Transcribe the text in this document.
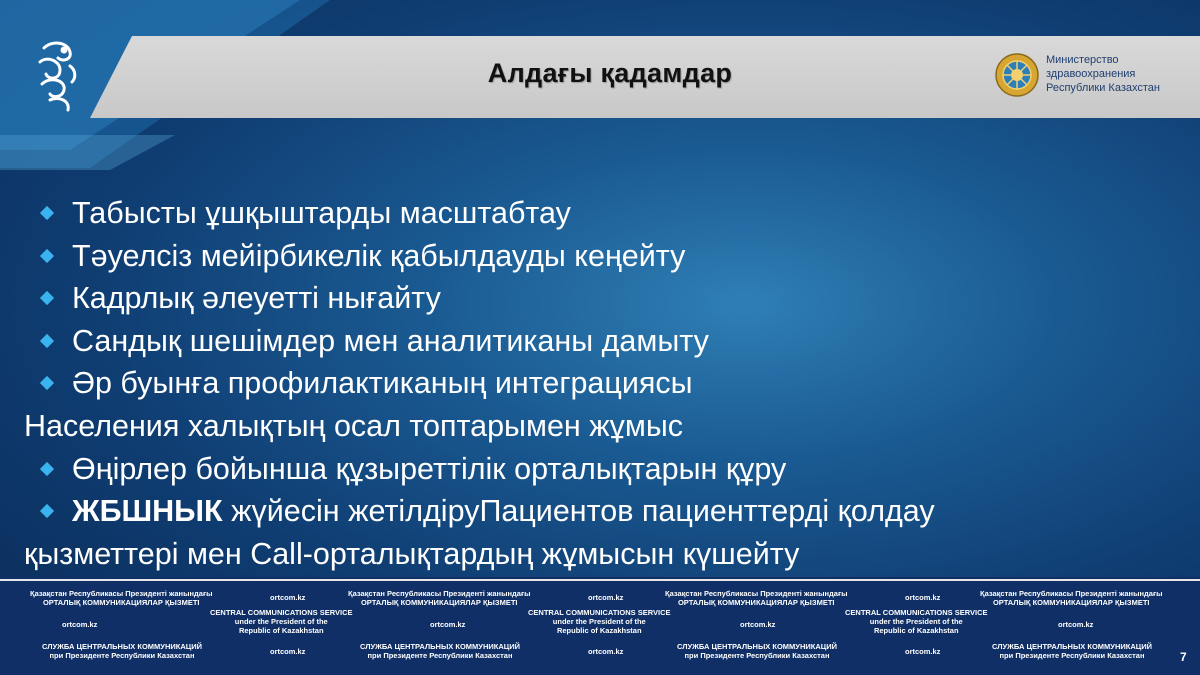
Алдағы қадамдар	Министерство
здравоохранения
Республики Казахстан
Табысты ұшқыштарды масштабтау
Тәуелсіз мейірбикелік қабылдауды кеңейту
Кадрлық әлеуетті нығайту
Сандық шешімдер мен аналитиканы дамыту
Әр буынға профилактиканың интеграциясы
Населения халықтың осал топтарымен жұмыс
Өңірлер бойынша құзыреттілік орталықтарын құру
ЖБШНЫК жүйесін жетілдіруПациентов пациенттерді қолдау
қызметтері мен Call-орталықтардың жұмысын күшейту
Қазақстан Республикасы Президенті жанындағы
ОРТАЛЫҚ КОММУНИКАЦИЯЛАР ҚЫЗМЕТІ
Қазақстан Республикасы Президенті жанындағы
ОРТАЛЫҚ КОММУНИКАЦИЯЛАР ҚЫЗМЕТІ
Қазақстан Республикасы Президенті жанындағы
ОРТАЛЫҚ КОММУНИКАЦИЯЛАР ҚЫЗМЕТІ
Қазақстан Республикасы Президенті жанындағы
ОРТАЛЫҚ КОММУНИКАЦИЯЛАР ҚЫЗМЕТІ
ortcom.kz	ortcom.kz	ortcom.kz
CENTRAL COMMUNICATIONS SERVICE
under the President of the
Republic of Kazakhstan
CENTRAL COMMUNICATIONS SERVICE
under the President of the
Republic of Kazakhstan
CENTRAL COMMUNICATIONS SERVICE
under the President of the
Republic of Kazakhstan
ortcom.kz	ortcom.kz	ortcom.kz	ortcom.kz
СЛУЖБА ЦЕНТРАЛЬНЫХ КОММУНИКАЦИЙ
при Президенте Республики Казахстан
СЛУЖБА ЦЕНТРАЛЬНЫХ КОММУНИКАЦИЙ
при Президенте Республики Казахстан
СЛУЖБА ЦЕНТРАЛЬНЫХ КОММУНИКАЦИЙ
при Президенте Республики Казахстан
СЛУЖБА ЦЕНТРАЛЬНЫХ КОММУНИКАЦИЙ
при Президенте Республики Казахстан
ortcom.kz	ortcom.kz	ortcom.kz	7
